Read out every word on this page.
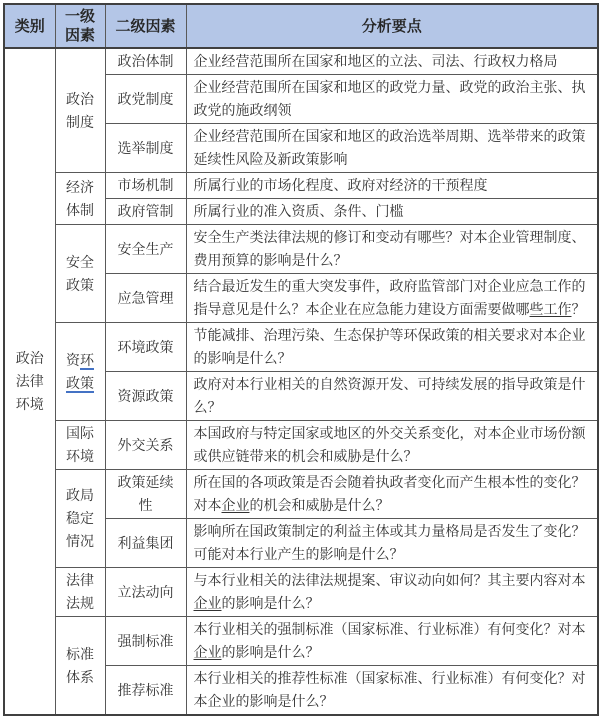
类别	一级因素	二级因素	分析要点
政治法律环境	政治制度	政治体制	企业经营范围所在国家和地区的立法、司法、行政权力格局
		政党制度	企业经营范围所在国家和地区的政党力量、政党的政治主张、执政党的施政纲领
		选举制度	企业经营范围所在国家和地区的政治选举周期、选举带来的政策延续性风险及新政策影响
	经济体制	市场机制	所属行业的市场化程度、政府对经济的干预程度
		政府管制	所属行业的准入资质、条件、门槛
	安全政策	安全生产	安全生产类法律法规的修订和变动有哪些？对本企业管理制度、费用预算的影响是什么？
		应急管理	结合最近发生的重大突发事件，政府监管部门对企业应急工作的指导意见是什么？本企业在应急能力建设方面需要做哪些工作？
	资环政策	环境政策	节能减排、治理污染、生态保护等环保政策的相关要求对本企业的影响是什么？
		资源政策	政府对本行业相关的自然资源开发、可持续发展的指导政策是什么？
	国际环境	外交关系	本国政府与特定国家或地区的外交关系变化，对本企业市场份额或供应链带来的机会和威胁是什么？
	政局稳定情况	政策延续性	所在国的各项政策是否会随着执政者变化而产生根本性的变化？对本企业的机会和威胁是什么？
		利益集团	影响所在国政策制定的利益主体或其力量格局是否发生了变化？可能对本行业产生的影响是什么？
	法律法规	立法动向	与本行业相关的法律法规提案、审议动向如何？其主要内容对本企业的影响是什么？
	标准体系	强制标准	本行业相关的强制标准（国家标准、行业标准）有何变化？对本企业的影响是什么？
		推荐标准	本行业相关的推荐性标准（国家标准、行业标准）有何变化？对本企业的影响是什么？
